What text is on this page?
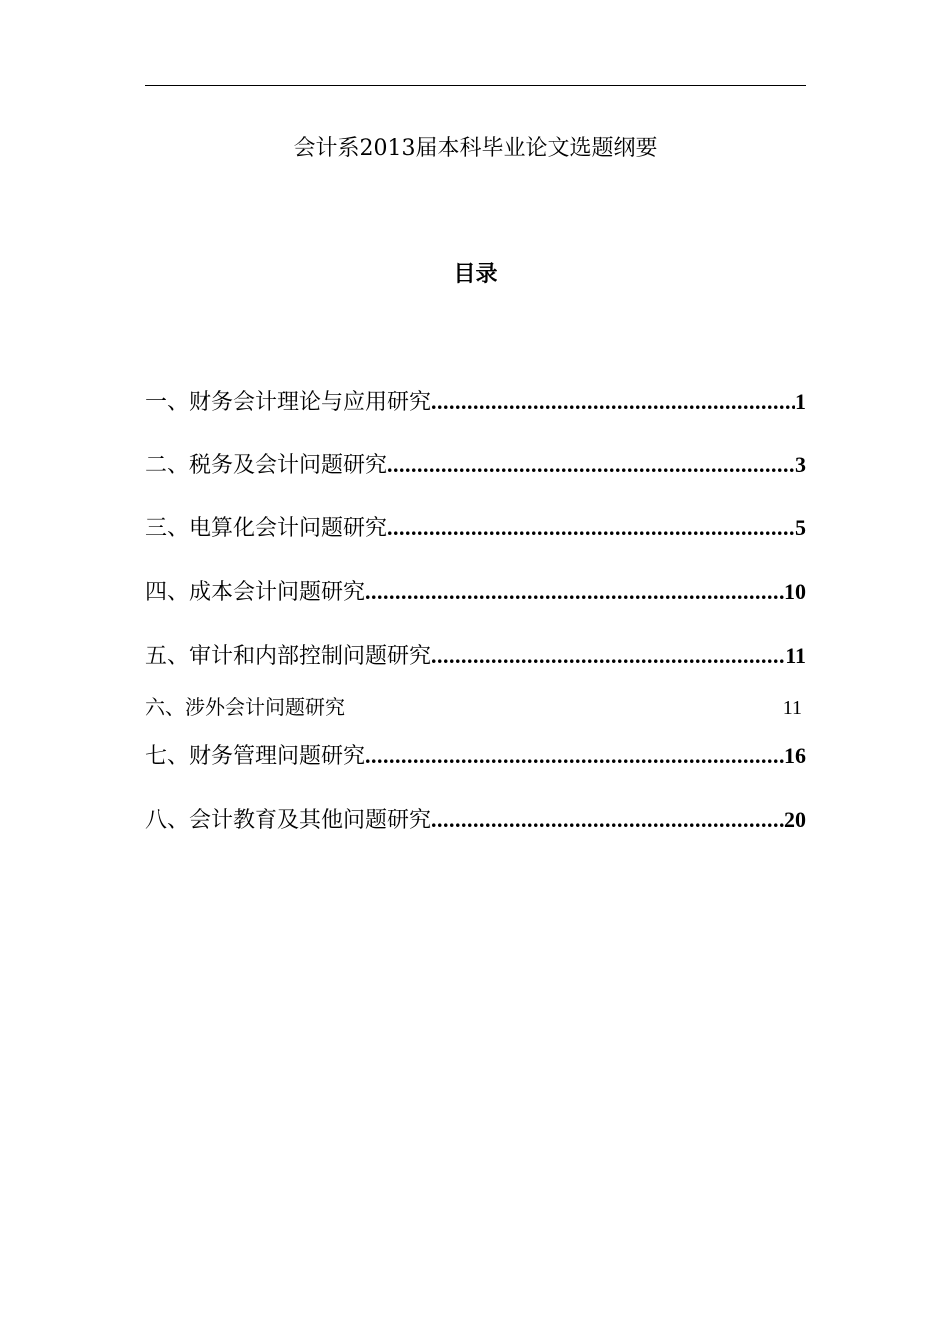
会计系2013届本科毕业论文选题纲要
目录
一、财务会计理论与应用研究 .....	1
二、税务及会计问题研究 .....	3
三、电算化会计问题研究 .....	5
四、成本会计问题研究 .....	10
五、审计和内部控制问题研究 .....	11
六、涉外会计问题研究	11
七、财务管理问题研究 .....	16
八、会计教育及其他问题研究 .....	20
